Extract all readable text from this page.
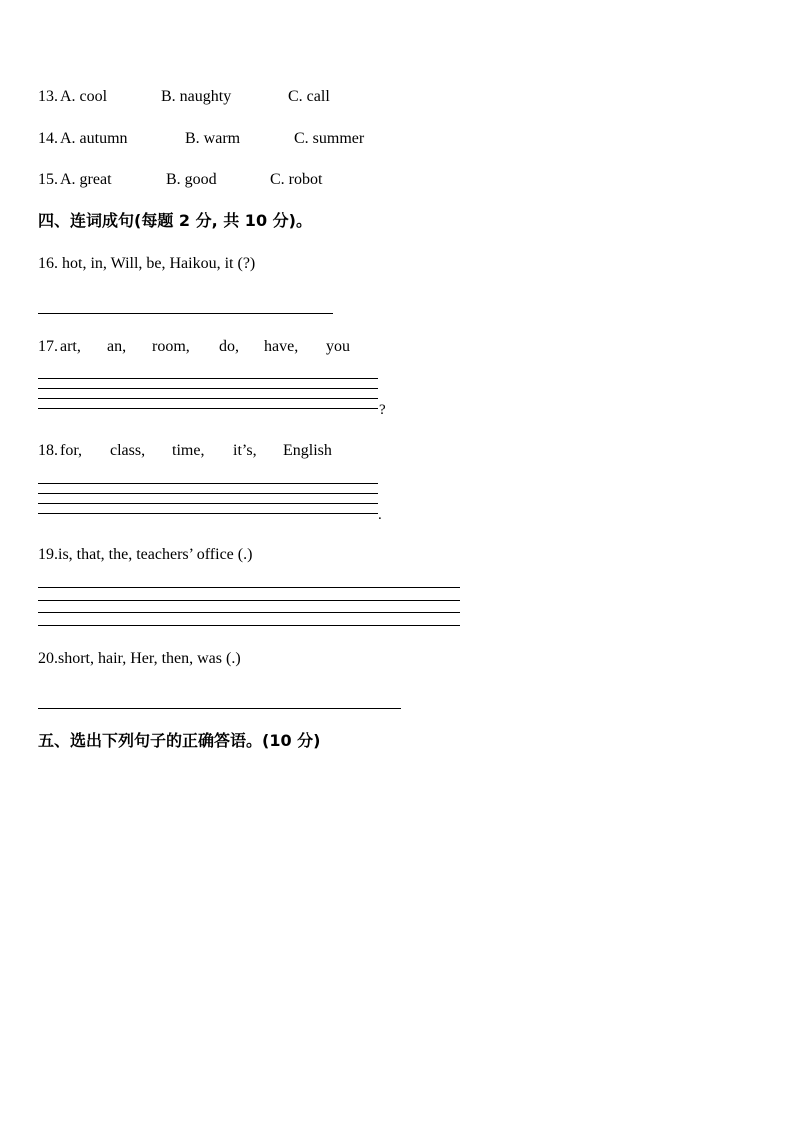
13. A. cool	B. naughty	C. call
14. A. autumn	B. warm	C. summer
15. A. great	B. good	C. robot
四、连词成句(每题 2 分, 共 10 分)。
16. hot, in, Will, be, Haikou, it (?)
17. art, an, room, do, have, you
?
18. for, class, time, it’s, English
.
19.is, that, the, teachers’ office (.)
20.short, hair, Her, then, was (.)
五、选出下列句子的正确答语。(10 分)
